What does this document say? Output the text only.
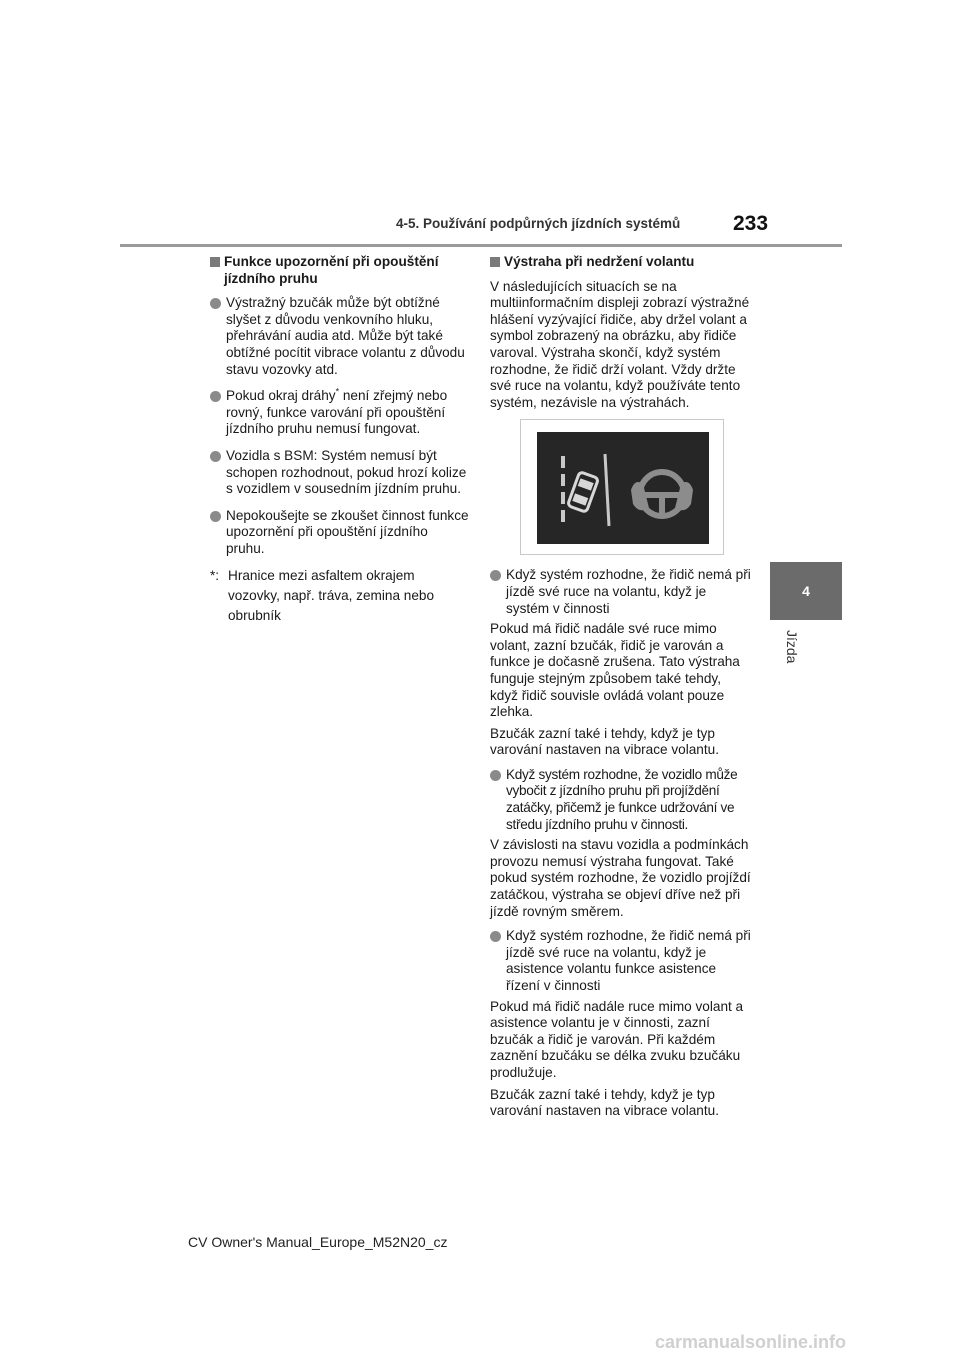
4-5. Používání podpůrných jízdních systémů	233
4
Jízda
Funkce upozornění při opouštění jízdního pruhu
Výstražný bzučák může být obtížné slyšet z důvodu venkovního hluku, přehrávání audia atd. Může být také obtížné pocítit vibrace volantu z důvodu stavu vozovky atd.
Pokud okraj dráhy* není zřejmý nebo rovný, funkce varování při opouštění jízdního pruhu nemusí fungovat.
Vozidla s BSM: Systém nemusí být schopen rozhodnout, pokud hrozí kolize s vozidlem v sousedním jízdním pruhu.
Nepokoušejte se zkoušet činnost funkce upozornění při opouštění jízdního pruhu.
*: Hranice mezi asfaltem okrajem vozovky, např. tráva, zemina nebo obrubník
Výstraha při nedržení volantu
V následujících situacích se na multiinformačním displeji zobrazí výstražné hlášení vyzývající řidiče, aby držel volant a symbol zobrazený na obrázku, aby řidiče varoval. Výstraha skončí, když systém rozhodne, že řidič drží volant. Vždy držte své ruce na volantu, když používáte tento systém, nezávisle na výstrahách.
Když systém rozhodne, že řidič nemá při jízdě své ruce na volantu, když je systém v činnosti
Pokud má řidič nadále své ruce mimo volant, zazní bzučák, řidič je varován a funkce je dočasně zrušena. Tato výstraha funguje stejným způsobem také tehdy, když řidič souvisle ovládá volant pouze zlehka.
Bzučák zazní také i tehdy, když je typ varování nastaven na vibrace volantu.
Když systém rozhodne, že vozidlo může vybočit z jízdního pruhu při projíždění zatáčky, přičemž je funkce udržování ve středu jízdního pruhu v činnosti.
V závislosti na stavu vozidla a podmínkách provozu nemusí výstraha fungovat. Také pokud systém rozhodne, že vozidlo projíždí zatáčkou, výstraha se objeví dříve než při jízdě rovným směrem.
Když systém rozhodne, že řidič nemá při jízdě své ruce na volantu, když je asistence volantu funkce asistence řízení v činnosti
Pokud má řidič nadále ruce mimo volant a asistence volantu je v činnosti, zazní bzučák a řidič je varován. Při každém zaznění bzučáku se délka zvuku bzučáku prodlužuje.
Bzučák zazní také i tehdy, když je typ varování nastaven na vibrace volantu.
CV Owner's Manual_Europe_M52N20_cz
carmanualsonline.info
